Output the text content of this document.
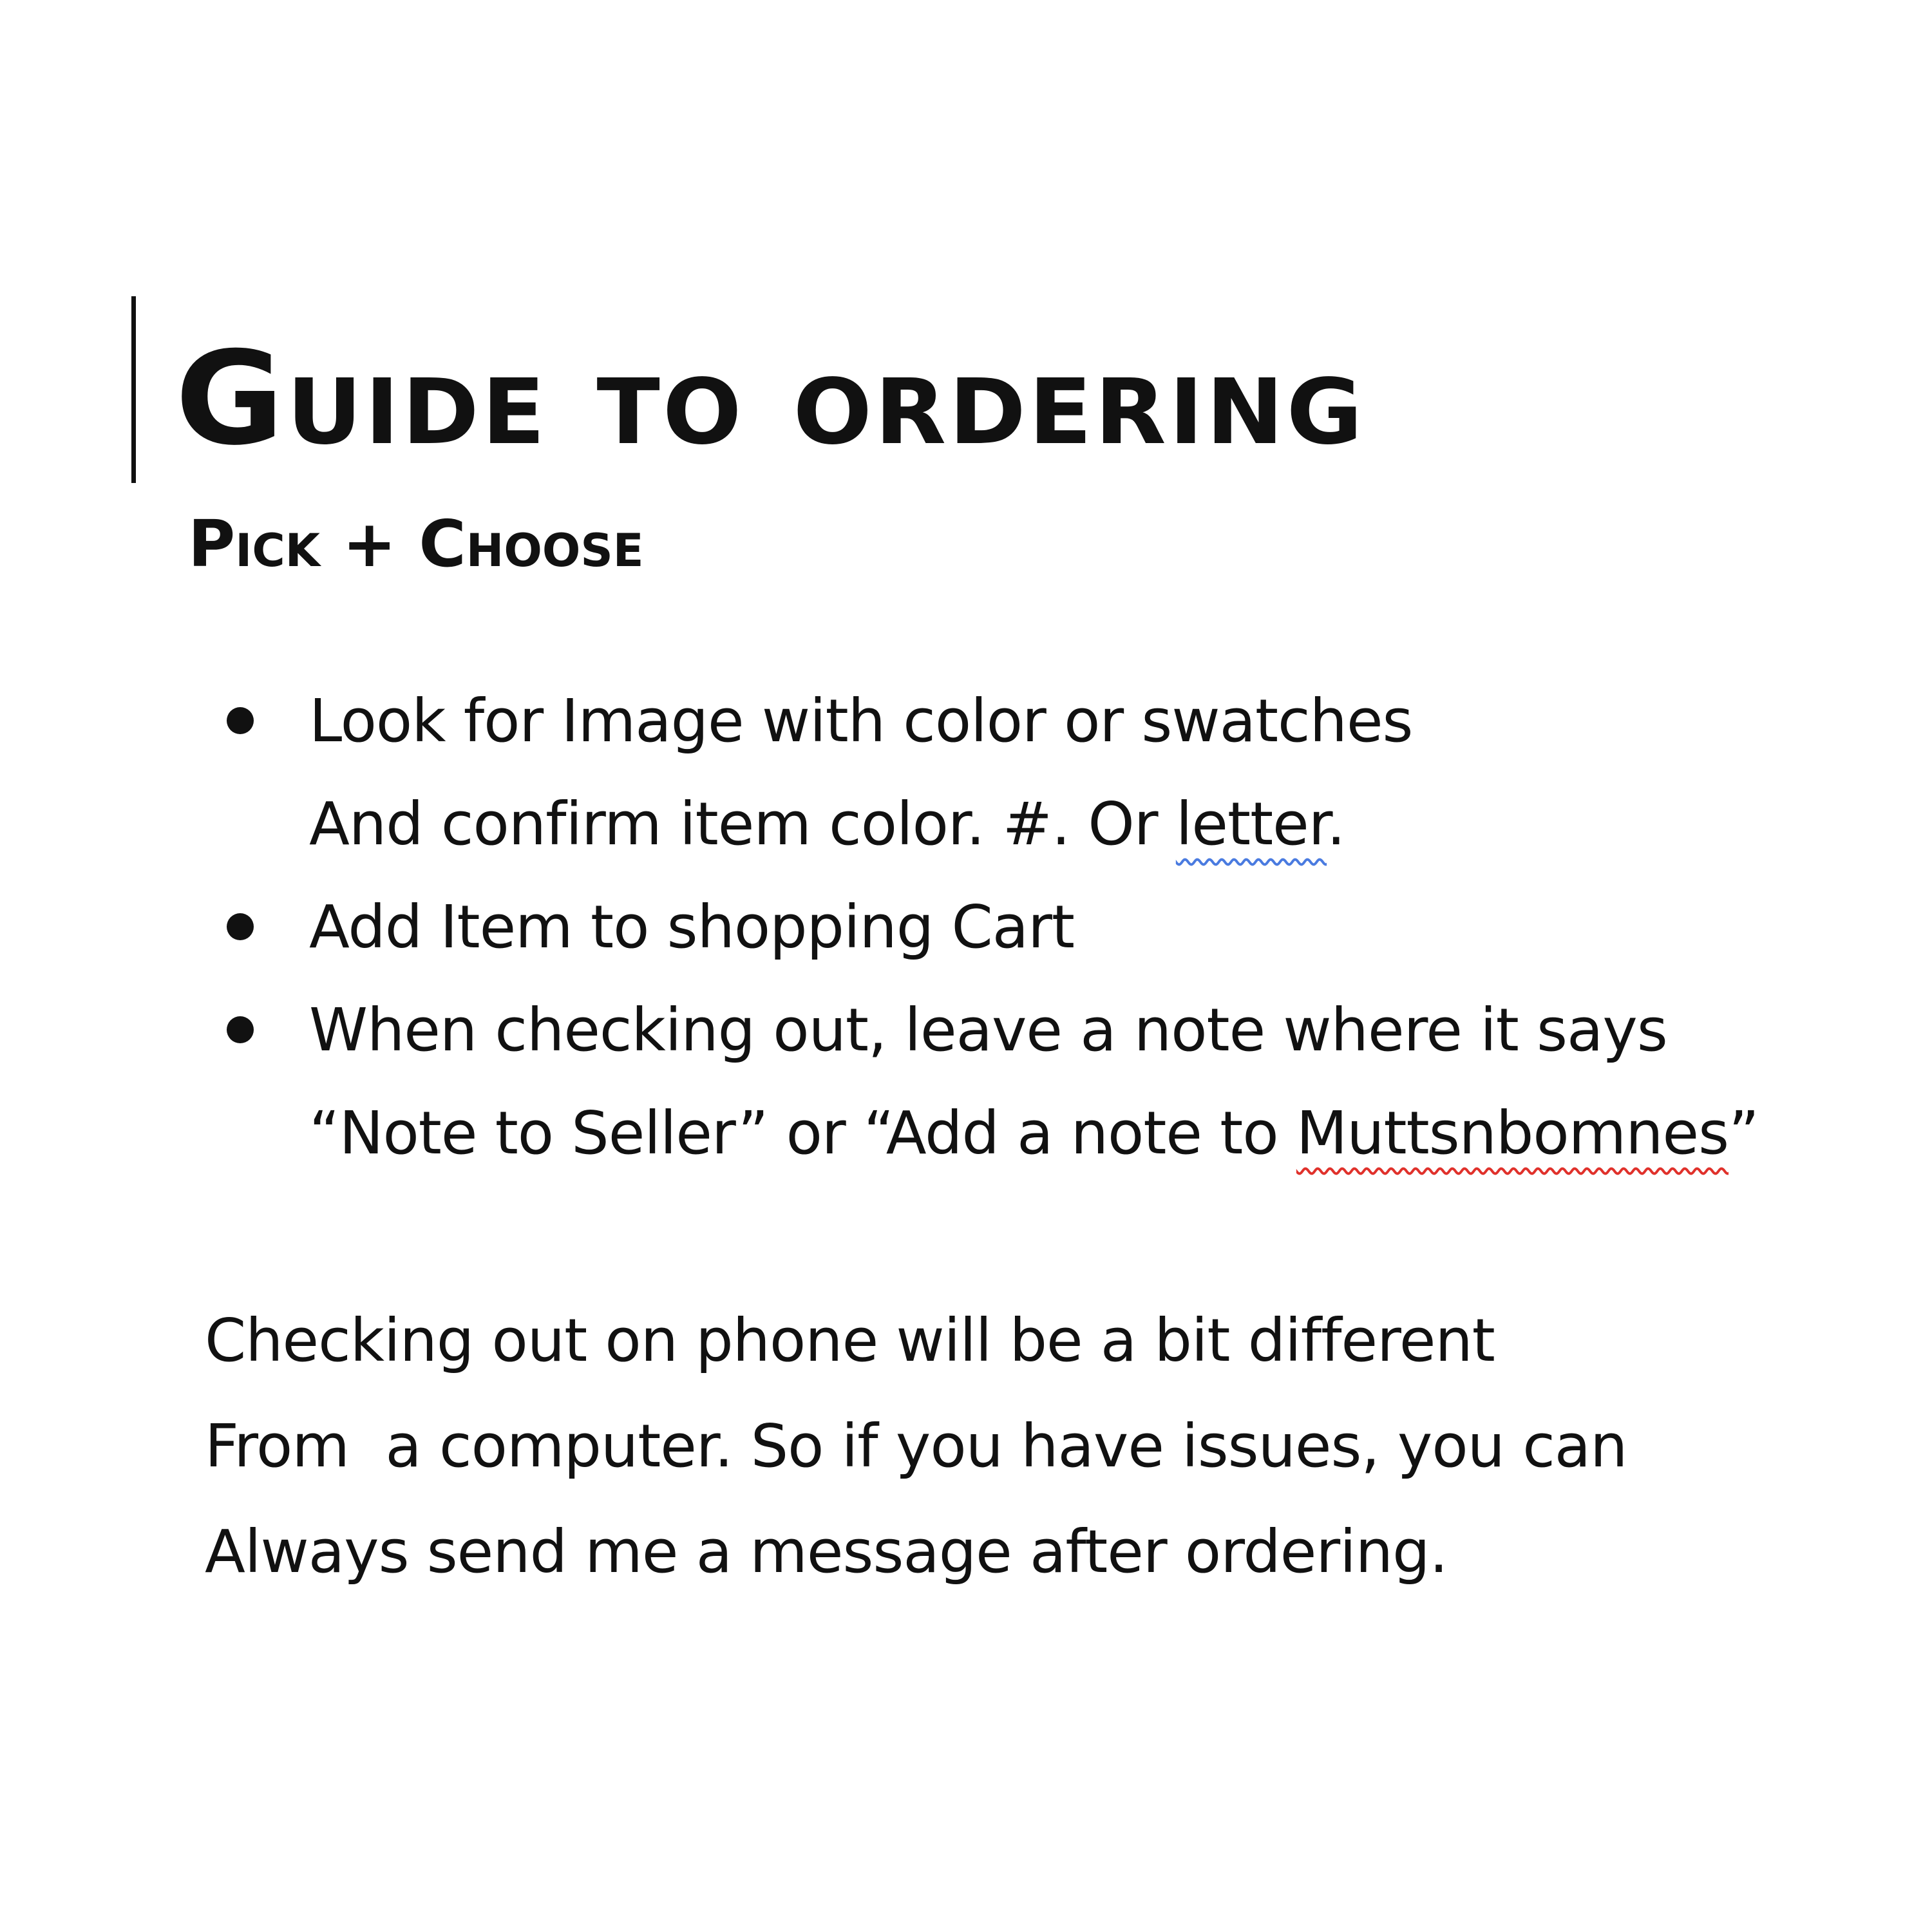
Guide to ordering
Pick + Choose
Look for Image with color or swatches
And confirm item color. #. Or letter.
Add Item to shopping Cart
When checking out, leave a note where it says
“Note to Seller” or “Add a note to Muttsnbomnes”
Checking out on phone will be a bit different
From  a computer. So if you have issues, you can
Always send me a message after ordering.
